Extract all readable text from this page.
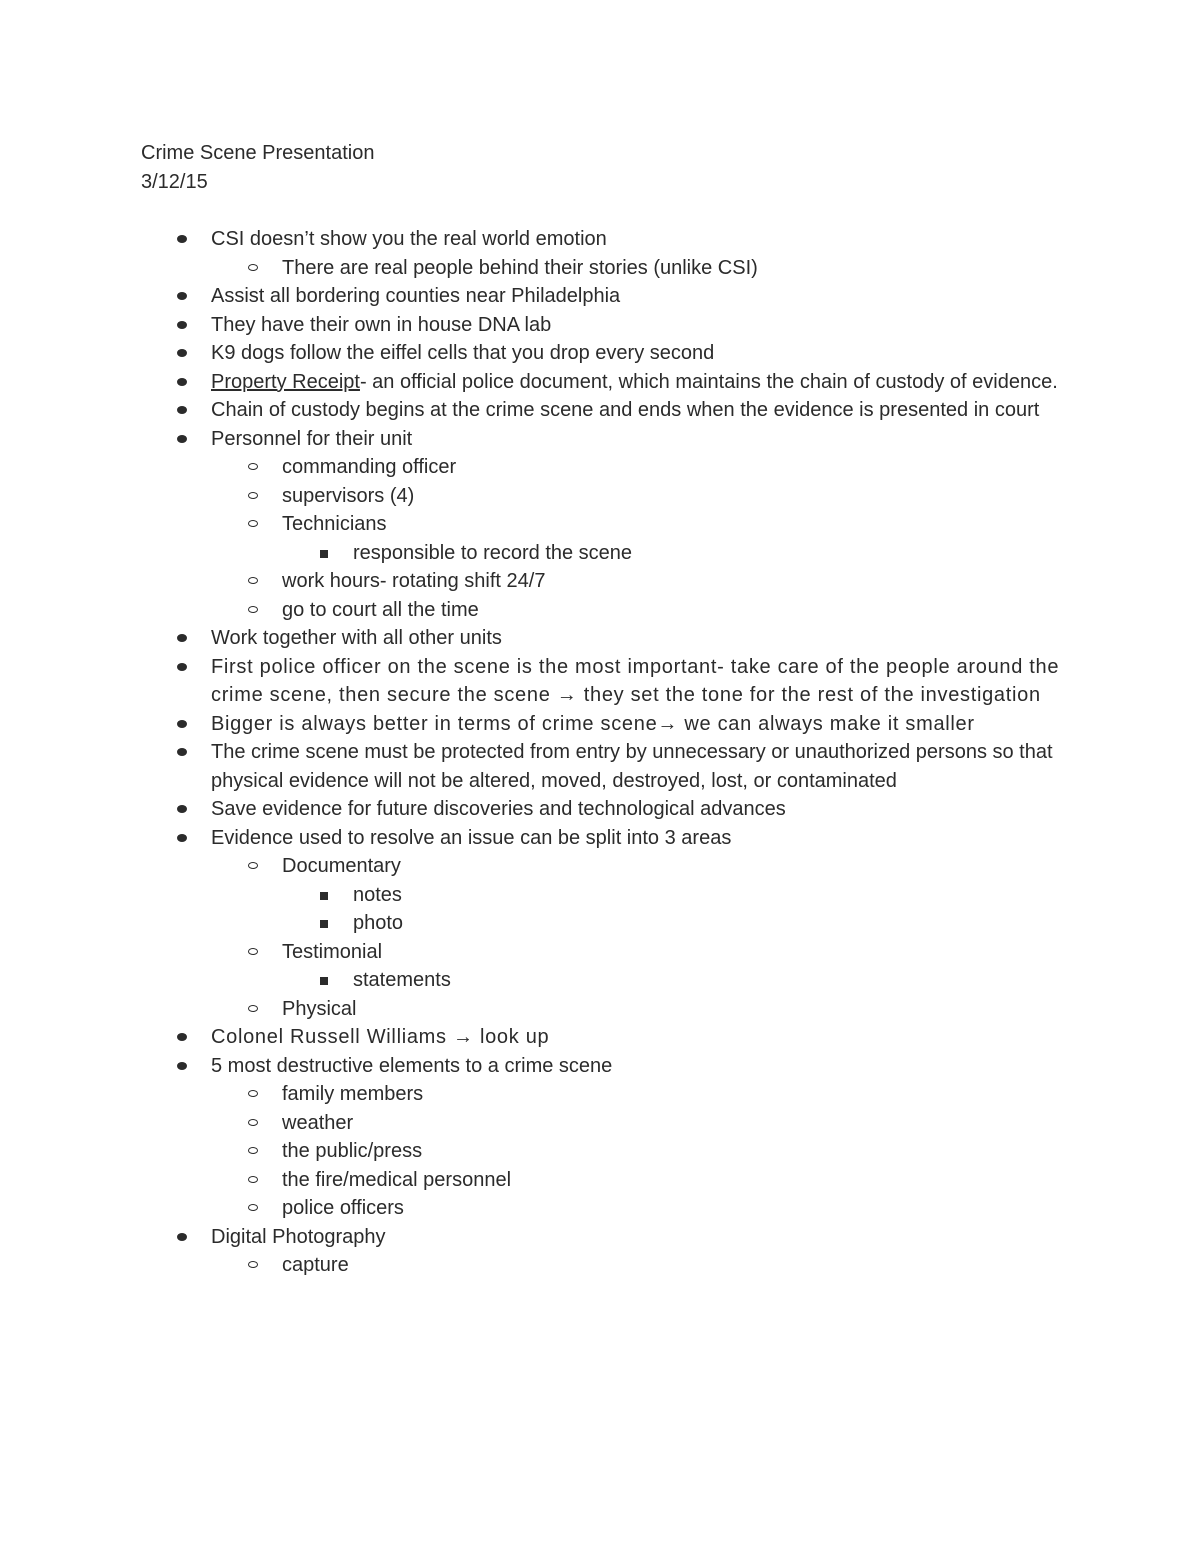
Crime Scene Presentation
3/12/15
CSI doesn’t show you the real world emotion
There are real people behind their stories (unlike CSI)
Assist all bordering counties near Philadelphia
They have their own in house DNA lab
K9 dogs follow the eiffel cells that you drop every second
Property Receipt- an official police document, which maintains the chain of custody of evidence.
Chain of custody begins at the crime scene and ends when the evidence is presented in court
Personnel for their unit
commanding officer
supervisors (4)
Technicians
responsible to record the scene
work hours- rotating shift 24/7
go to court all the time
Work together with all other units
First police officer on the scene is the most important- take care of the people around the crime scene, then secure the scene → they set the tone for the rest of the investigation
Bigger is always better in terms of crime scene→ we can always make it smaller
The crime scene must be protected from entry by unnecessary or unauthorized persons so that physical evidence will not be altered, moved, destroyed, lost, or contaminated
Save evidence for future discoveries and technological advances
Evidence used to resolve an issue can be split into 3 areas
Documentary
notes
photo
Testimonial
statements
Physical
Colonel Russell Williams → look up
5 most destructive elements to a crime scene
family members
weather
the public/press
the fire/medical personnel
police officers
Digital Photography
capture
